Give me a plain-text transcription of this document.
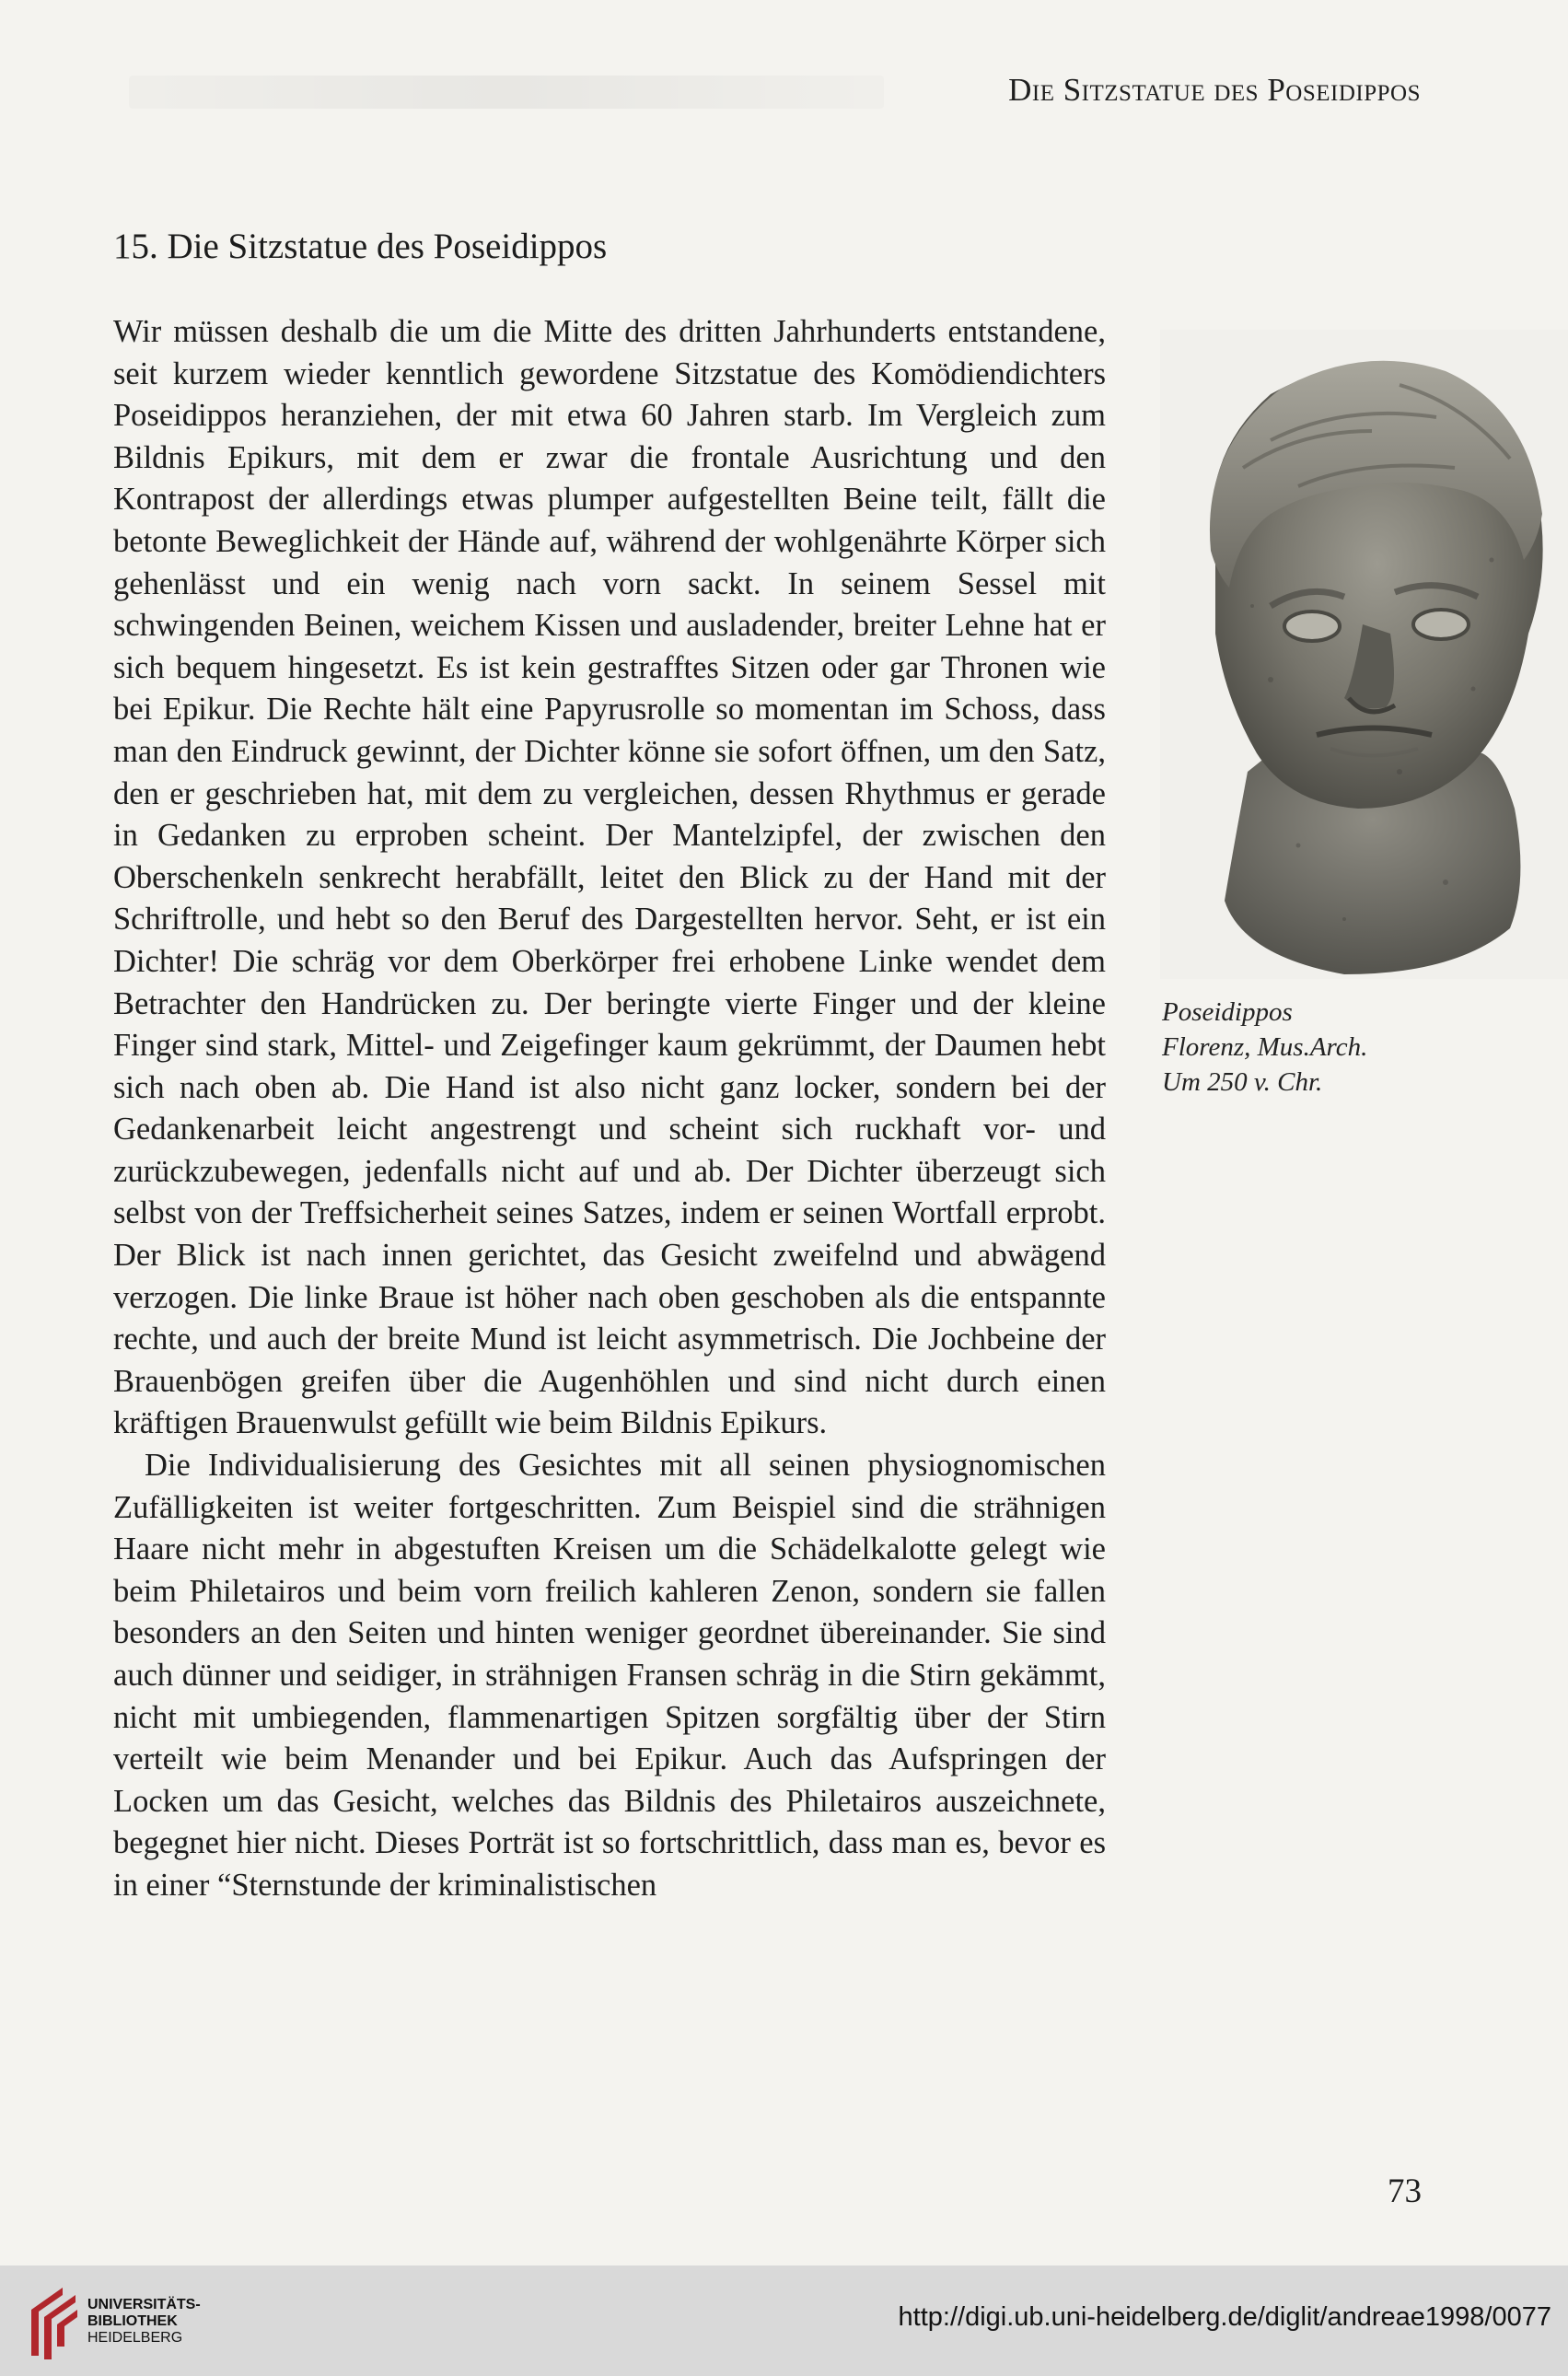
Die Sitzstatue des Poseidippos
15. Die Sitzstatue des Poseidippos

Wir müssen deshalb die um die Mitte des dritten Jahrhunderts entstandene, seit kurzem wieder kenntlich gewordene Sitzstatue des Komödiendichters Poseidippos heranziehen, der mit etwa 60 Jahren starb. Im Vergleich zum Bildnis Epikurs, mit dem er zwar die frontale Ausrichtung und den Kontrapost der allerdings etwas plumper aufgestellten Beine teilt, fällt die betonte Beweglichkeit der Hände auf, während der wohlgenährte Körper sich gehenlässt und ein wenig nach vorn sackt. In seinem Sessel mit schwingenden Beinen, weichem Kissen und ausladender, breiter Lehne hat er sich bequem hingesetzt. Es ist kein gestrafftes Sitzen oder gar Thronen wie bei Epikur. Die Rechte hält eine Papyrusrolle so momentan im Schoss, dass man den Eindruck gewinnt, der Dichter könne sie sofort öffnen, um den Satz, den er geschrieben hat, mit dem zu vergleichen, dessen Rhythmus er gerade in Gedanken zu erproben scheint. Der Mantelzipfel, der zwischen den Oberschenkeln senkrecht herabfällt, leitet den Blick zu der Hand mit der Schriftrolle, und hebt so den Beruf des Dargestellten hervor. Seht, er ist ein Dichter! Die schräg vor dem Oberkörper frei erhobene Linke wendet dem Betrachter den Handrücken zu. Der beringte vierte Finger und der kleine Finger sind stark, Mittel- und Zeigefinger kaum gekrümmt, der Daumen hebt sich nach oben ab. Die Hand ist also nicht ganz locker, sondern bei der Gedankenarbeit leicht angestrengt und scheint sich ruckhaft vor- und zurückzubewegen, jedenfalls nicht auf und ab. Der Dichter überzeugt sich selbst von der Treffsicherheit seines Satzes, indem er seinen Wortfall erprobt. Der Blick ist nach innen gerichtet, das Gesicht zweifelnd und abwägend verzogen. Die linke Braue ist höher nach oben geschoben als die entspannte rechte, und auch der breite Mund ist leicht asymmetrisch. Die Jochbeine der Brauenbögen greifen über die Augenhöhlen und sind nicht durch einen kräftigen Brauenwulst gefüllt wie beim Bildnis Epikurs.

Die Individualisierung des Gesichtes mit all seinen physiognomischen Zufälligkeiten ist weiter fortgeschritten. Zum Beispiel sind die strähnigen Haare nicht mehr in abgestuften Kreisen um die Schädelkalotte gelegt wie beim Philetairos und beim vorn freilich kahleren Zenon, sondern sie fallen besonders an den Seiten und hinten weniger geordnet übereinander. Sie sind auch dünner und seidiger, in strähnigen Fransen schräg in die Stirn gekämmt, nicht mit umbiegenden, flammenartigen Spitzen sorgfältig über der Stirn verteilt wie beim Menander und bei Epikur. Auch das Aufspringen der Locken um das Gesicht, welches das Bildnis des Philetairos auszeichnete, begegnet hier nicht. Dieses Porträt ist so fortschrittlich, dass man es, bevor es in einer “Sternstunde der kriminalistischen

Poseidippos
Florenz, Mus.Arch.
Um 250 v. Chr.
73
UNIVERSITÄTS-
BIBLIOTHEK
HEIDELBERG
http://digi.ub.uni-heidelberg.de/diglit/andreae1998/0077
